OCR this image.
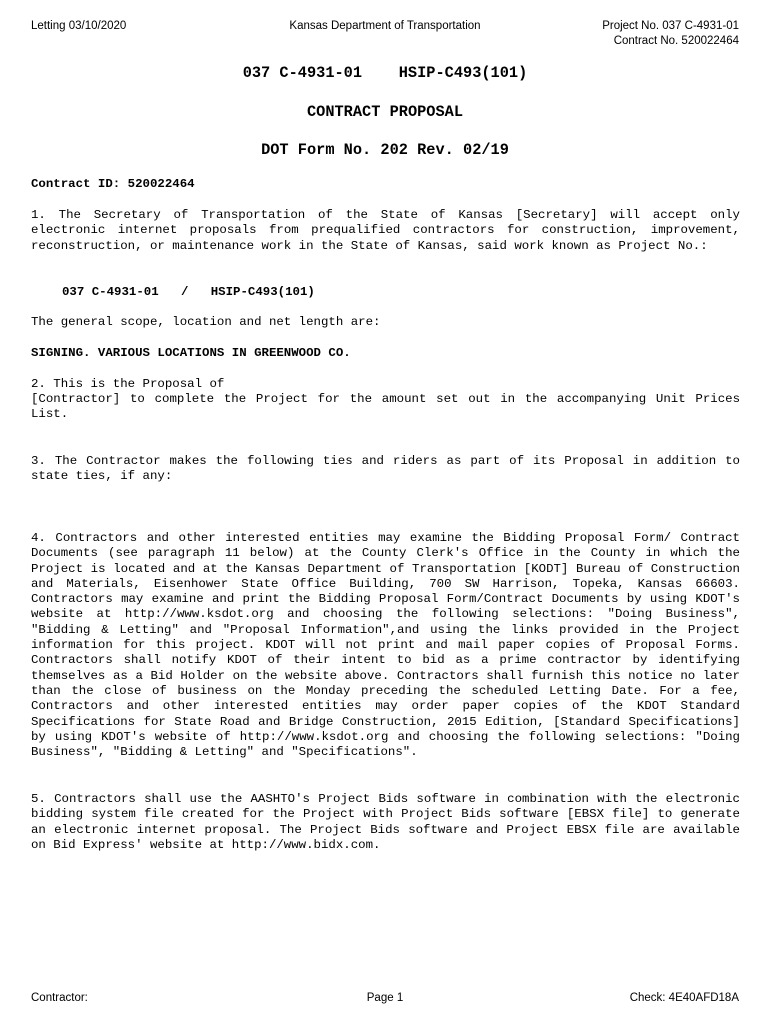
Letting 03/10/2020	Kansas Department of Transportation	Project No. 037 C-4931-01
Contract No. 520022464
037 C-4931-01    HSIP-C493(101)
CONTRACT PROPOSAL
DOT Form No. 202 Rev. 02/19
Contract ID: 520022464
1. The Secretary of Transportation of the State of Kansas [Secretary] will accept only electronic internet proposals from prequalified contractors for construction, improvement, reconstruction, or maintenance work in the State of Kansas, said work known as Project No.:
037 C-4931-01   /   HSIP-C493(101)
The general scope, location and net length are:
SIGNING. VARIOUS LOCATIONS IN GREENWOOD CO.
2. This is the Proposal of
[Contractor] to complete the Project for the amount set out in the accompanying Unit Prices List.
3. The Contractor makes the following ties and riders as part of its Proposal in addition to state ties, if any:
4. Contractors and other interested entities may examine the Bidding Proposal Form/ Contract Documents (see paragraph 11 below) at the County Clerk's Office in the County in which the Project is located and at the Kansas Department of Transportation [KODT] Bureau of Construction and Materials, Eisenhower State Office Building, 700 SW Harrison, Topeka, Kansas 66603. Contractors may examine and print the Bidding Proposal Form/Contract Documents by using KDOT's website at http://www.ksdot.org and choosing the following selections: "Doing Business", "Bidding & Letting" and "Proposal Information",and using the links provided in the Project information for this project. KDOT will not print and mail paper copies of Proposal Forms. Contractors shall notify KDOT of their intent to bid as a prime contractor by identifying themselves as a Bid Holder on the website above. Contractors shall furnish this notice no later than the close of business on the Monday preceding the scheduled Letting Date. For a fee, Contractors and other interested entities may order paper copies of the KDOT Standard Specifications for State Road and Bridge Construction, 2015 Edition, [Standard Specifications] by using KDOT's website of http://www.ksdot.org and choosing the following selections: "Doing Business", "Bidding & Letting" and "Specifications".
5. Contractors shall use the AASHTO's Project Bids software in combination with the electronic bidding system file created for the Project with Project Bids software [EBSX file] to generate an electronic internet proposal. The Project Bids software and Project EBSX file are available on Bid Express' website at http://www.bidx.com.
Contractor:	Page 1	Check: 4E40AFD18A
